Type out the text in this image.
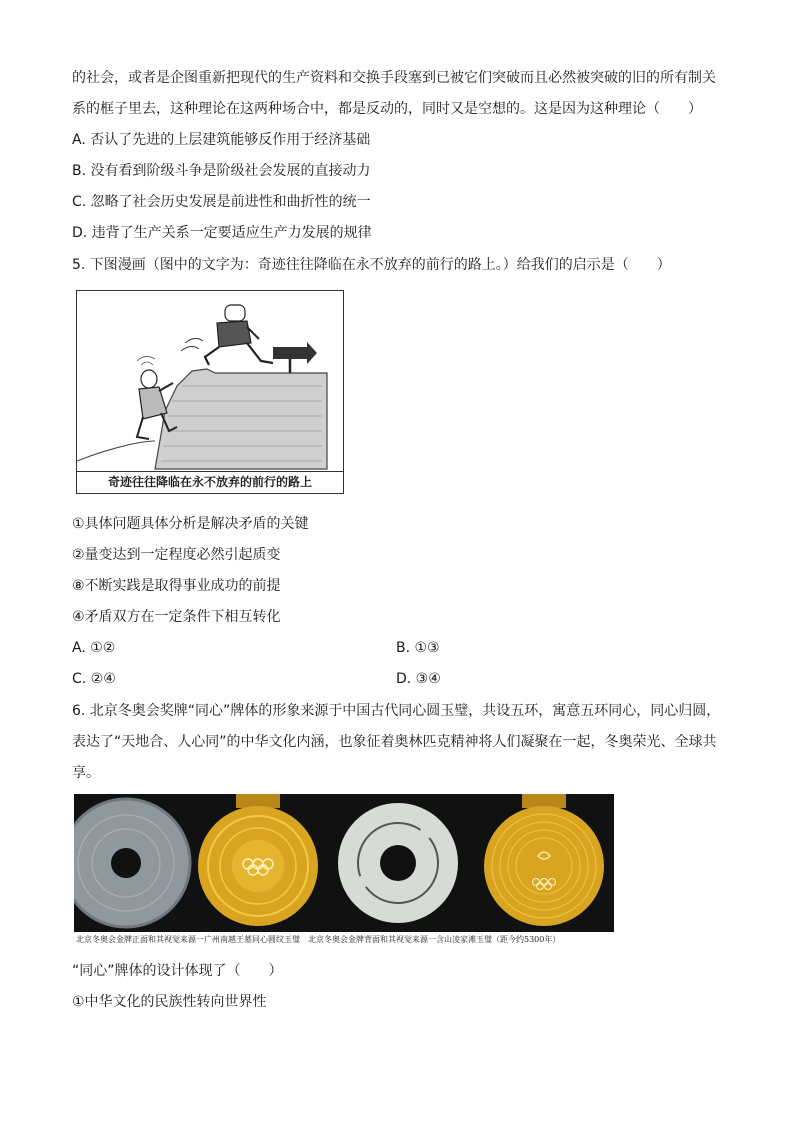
的社会，或者是企图重新把现代的生产资料和交换手段塞到已被它们突破而且必然被突破的旧的所有制关
系的框子里去，这种理论在这两种场合中，都是反动的，同时又是空想的。这是因为这种理论（　　）
A. 否认了先进的上层建筑能够反作用于经济基础
B. 没有看到阶级斗争是阶级社会发展的直接动力
C. 忽略了社会历史发展是前进性和曲折性的统一
D. 违背了生产关系一定要适应生产力发展的规律
5. 下图漫画（图中的文字为：奇迹往往降临在永不放弃的前行的路上。）给我们的启示是（　　）
奇迹往往降临在永不放弃的前行的路上
①具体问题具体分析是解决矛盾的关键
②量变达到一定程度必然引起质变
⑧不断实践是取得事业成功的前提
④矛盾双方在一定条件下相互转化
A. ①②	B. ①③
C. ②④	D. ③④
6. 北京冬奥会奖牌“同心”牌体的形象来源于中国古代同心圆玉璧，共设五环，寓意五环同心，同心归圆，
表达了“天地合、人心同”的中华文化内涵，也象征着奥林匹克精神将人们凝聚在一起，冬奥荣光、全球共
享。
北京冬奥会金牌正面和其视觉来源一广州南越王墓同心圆纹玉璧　北京冬奥会金牌背面和其视觉来源一含山凌家滩玉璧（距今约5300年）
“同心”牌体的设计体现了（　　）
①中华文化的民族性转向世界性
